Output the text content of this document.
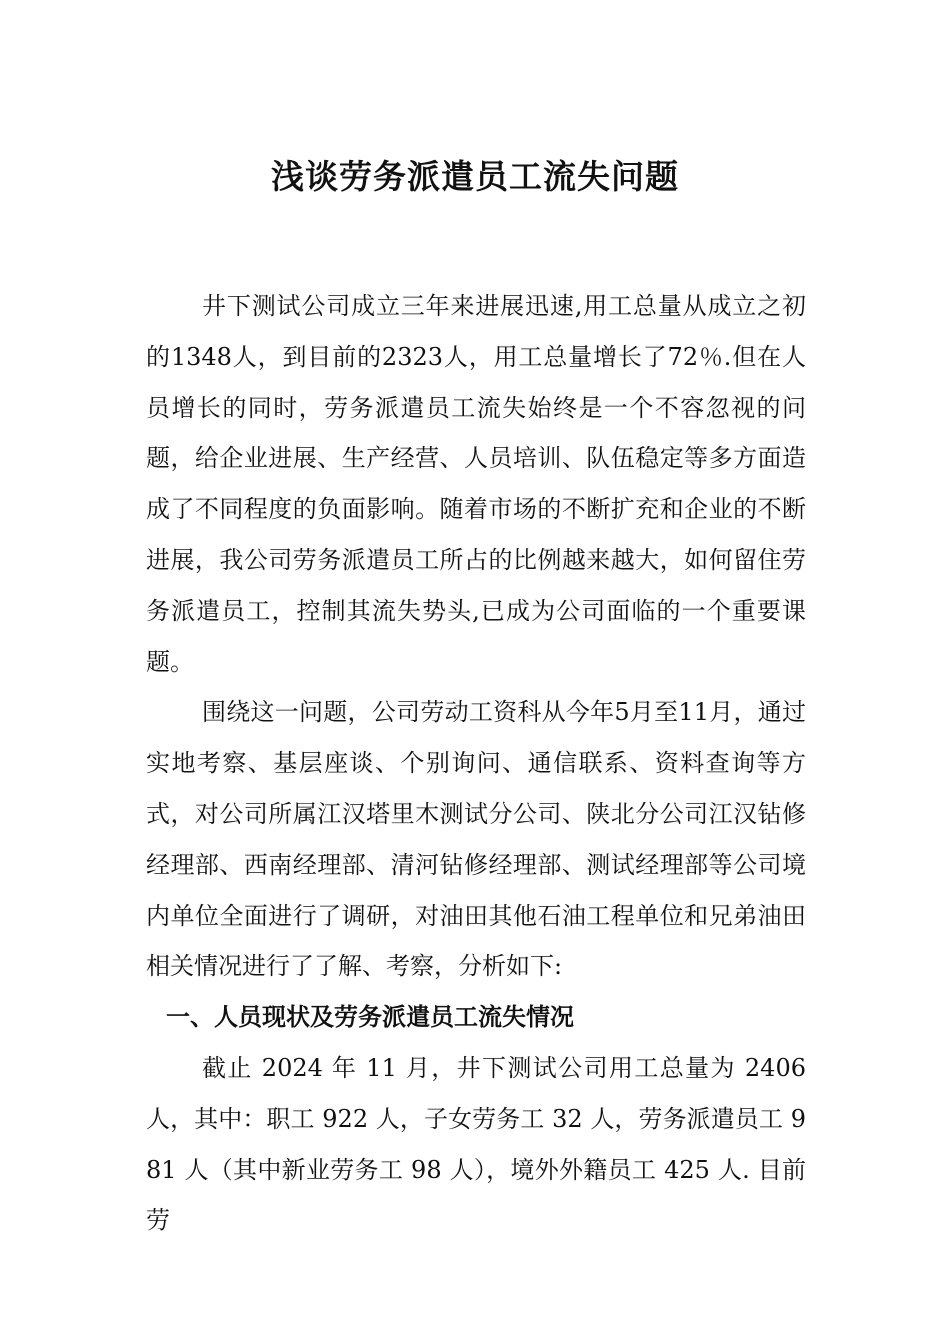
浅谈劳务派遣员工流失问题

井下测试公司成立三年来进展迅速,用工总量从成立之初的1348人，到目前的2323人，用工总量增长了72％.但在人员增长的同时，劳务派遣员工流失始终是一个不容忽视的问题，给企业进展、生产经营、人员培训、队伍稳定等多方面造成了不同程度的负面影响。随着市场的不断扩充和企业的不断进展，我公司劳务派遣员工所占的比例越来越大，如何留住劳务派遣员工，控制其流失势头,已成为公司面临的一个重要课题。

围绕这一问题，公司劳动工资科从今年5月至11月，通过实地考察、基层座谈、个别询问、通信联系、资料查询等方式，对公司所属江汉塔里木测试分公司、陕北分公司江汉钻修经理部、西南经理部、清河钻修经理部、测试经理部等公司境内单位全面进行了调研，对油田其他石油工程单位和兄弟油田相关情况进行了了解、考察，分析如下:

一、人员现状及劳务派遣员工流失情况

截止 2024 年 11 月，井下测试公司用工总量为 2406 人，其中：职工 922 人，子女劳务工 32 人，劳务派遣员工 981 人（其中新业劳务工 98 人），境外外籍员工 425 人. 目前劳
